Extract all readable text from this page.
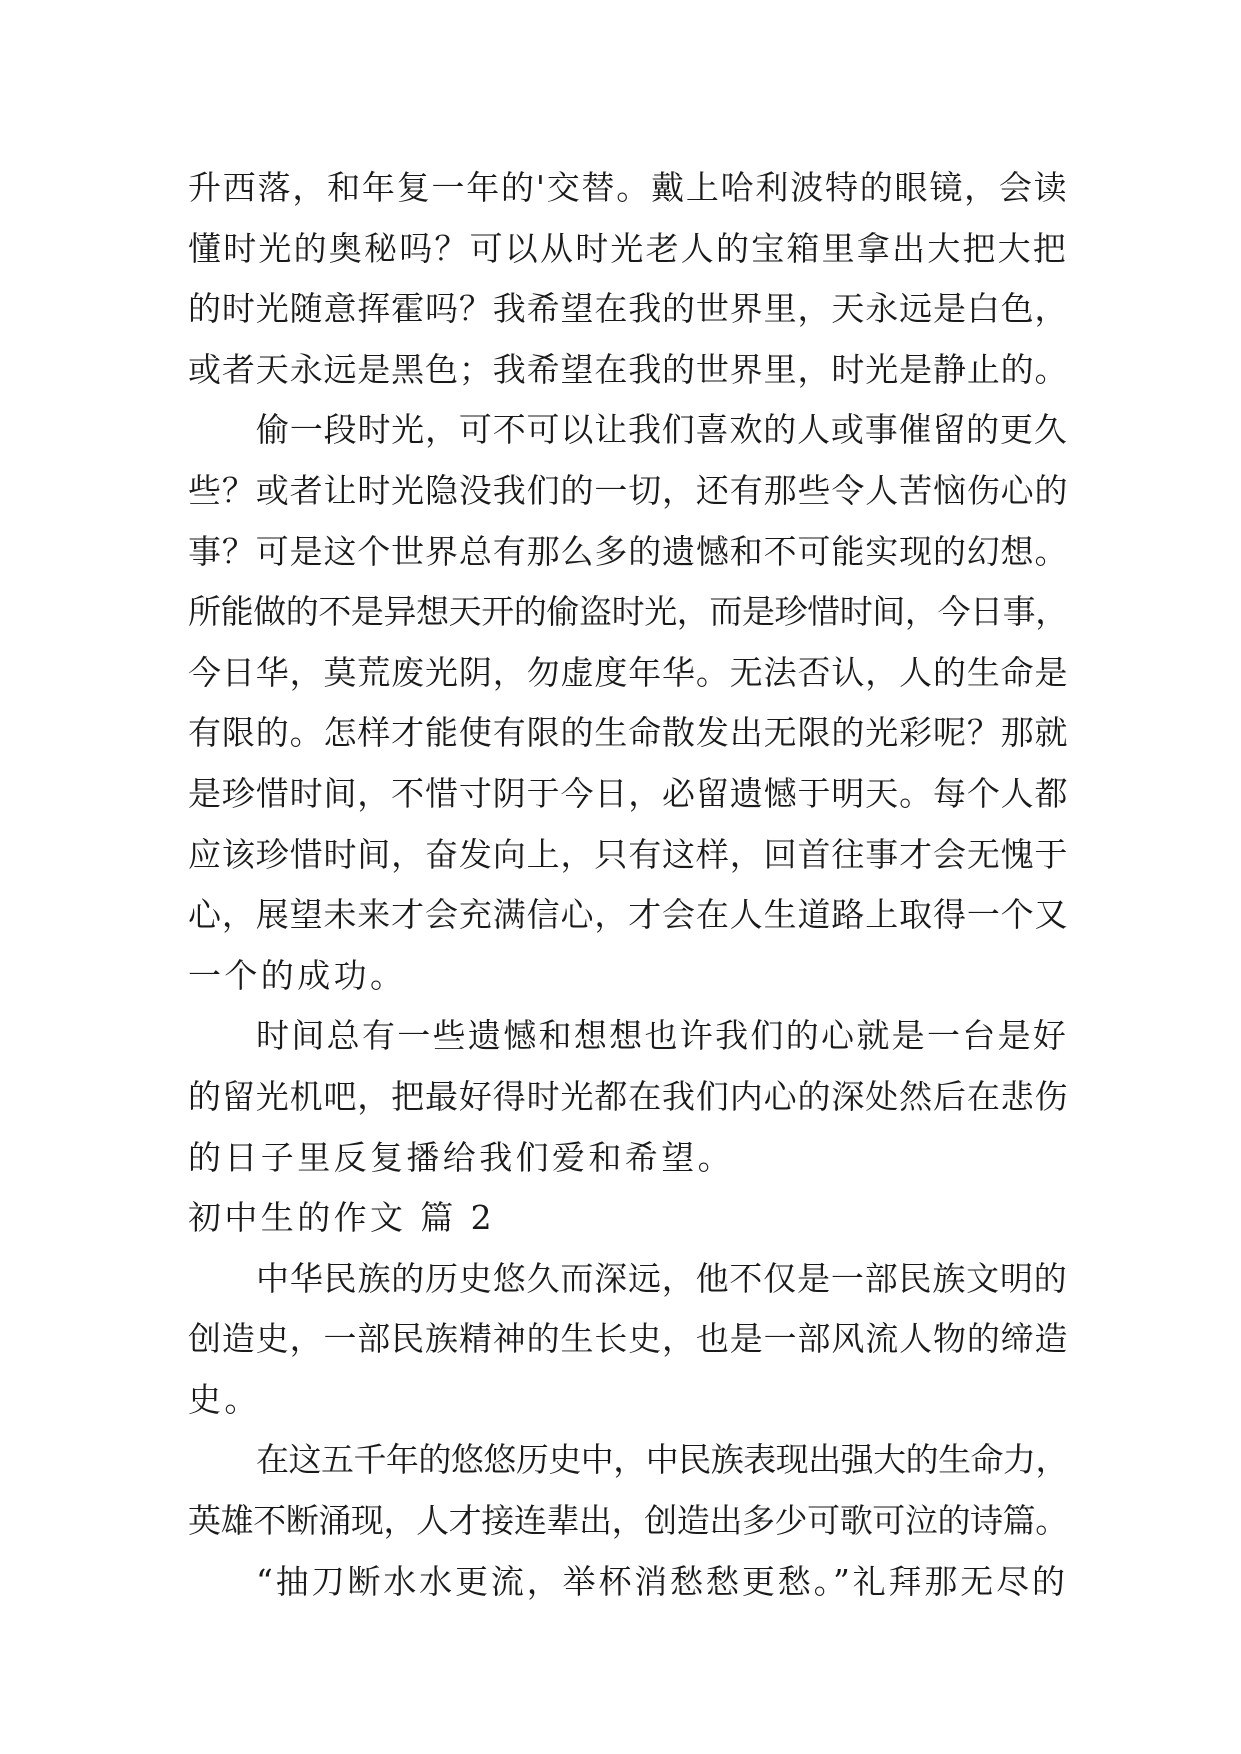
升西落，和年复一年的'交替。戴上哈利波特的眼镜，会读
懂时光的奥秘吗？可以从时光老人的宝箱里拿出大把大把
的时光随意挥霍吗？我希望在我的世界里，天永远是白色，
或者天永远是黑色；我希望在我的世界里，时光是静止的。
偷一段时光，可不可以让我们喜欢的人或事催留的更久
些？或者让时光隐没我们的一切，还有那些令人苦恼伤心的
事？可是这个世界总有那么多的遗憾和不可能实现的幻想。
所能做的不是异想天开的偷盗时光，而是珍惜时间，今日事，
今日华，莫荒废光阴，勿虚度年华。无法否认，人的生命是
有限的。怎样才能使有限的生命散发出无限的光彩呢？那就
是珍惜时间，不惜寸阴于今日，必留遗憾于明天。每个人都
应该珍惜时间，奋发向上，只有这样，回首往事才会无愧于
心，展望未来才会充满信心，才会在人生道路上取得一个又
一个的成功。
时间总有一些遗憾和想想也许我们的心就是一台是好
的留光机吧，把最好得时光都在我们内心的深处然后在悲伤
的日子里反复播给我们爱和希望。
初中生的作文 篇 2
中华民族的历史悠久而深远，他不仅是一部民族文明的
创造史，一部民族精神的生长史，也是一部风流人物的缔造
史。
在这五千年的悠悠历史中，中民族表现出强大的生命力，
英雄不断涌现，人才接连辈出，创造出多少可歌可泣的诗篇。
“抽刀断水水更流，举杯消愁愁更愁。”礼拜那无尽的
